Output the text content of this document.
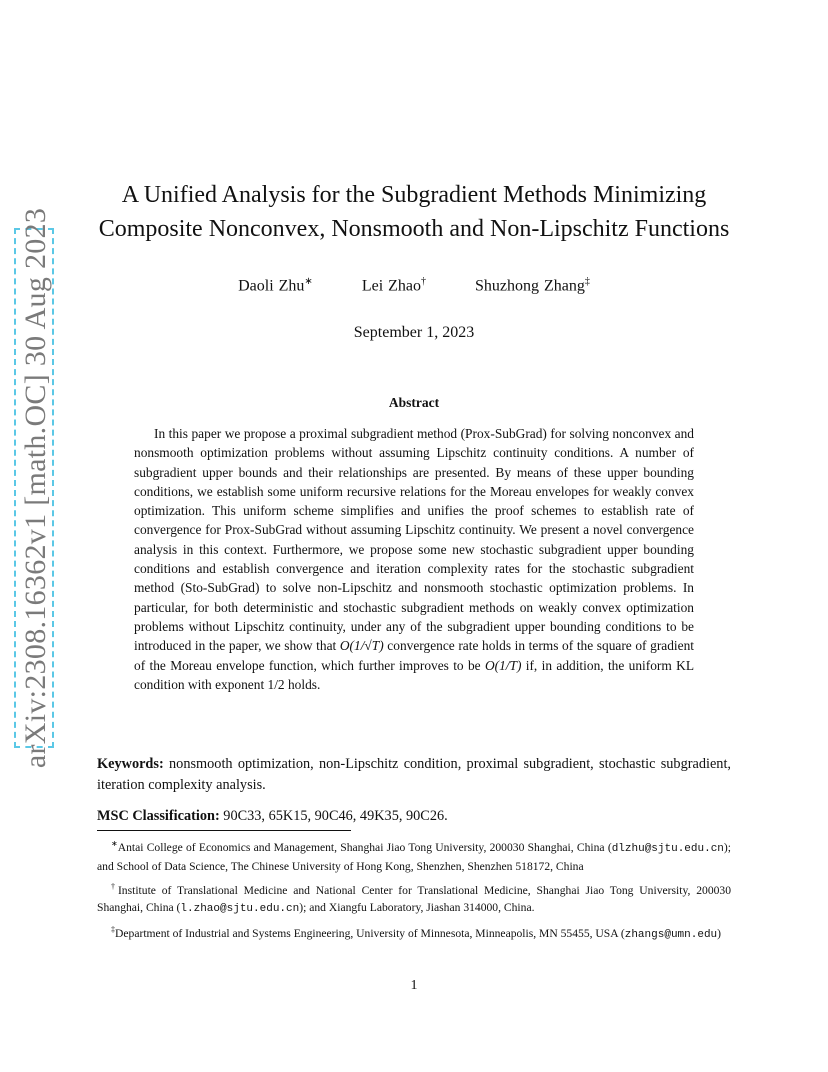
arXiv:2308.16362v1 [math.OC] 30 Aug 2023
A Unified Analysis for the Subgradient Methods Minimizing
Composite Nonconvex, Nonsmooth and Non-Lipschitz Functions
Daoli Zhu∗	Lei Zhao†	Shuzhong Zhang‡
September 1, 2023
Abstract

In this paper we propose a proximal subgradient method (Prox-SubGrad) for solving nonconvex and nonsmooth optimization problems without assuming Lipschitz continuity conditions. A number of subgradient upper bounds and their relationships are presented. By means of these upper bounding conditions, we establish some uniform recursive relations for the Moreau envelopes for weakly convex optimization. This uniform scheme simplifies and unifies the proof schemes to establish rate of convergence for Prox-SubGrad without assuming Lipschitz continuity. We present a novel convergence analysis in this context. Furthermore, we propose some new stochastic subgradient upper bounding conditions and establish convergence and iteration complexity rates for the stochastic subgradient method (Sto-SubGrad) to solve non-Lipschitz and nonsmooth stochastic optimization problems. In particular, for both deterministic and stochastic subgradient methods on weakly convex optimization problems without Lipschitz continuity, under any of the subgradient upper bounding conditions to be introduced in the paper, we show that O(1/√T) convergence rate holds in terms of the square of gradient of the Moreau envelope function, which further improves to be O(1/T) if, in addition, the uniform KL condition with exponent 1/2 holds.

Keywords: nonsmooth optimization, non-Lipschitz condition, proximal subgradient, stochastic subgradient, iteration complexity analysis.

MSC Classification: 90C33, 65K15, 90C46, 49K35, 90C26.

∗Antai College of Economics and Management, Shanghai Jiao Tong University, 200030 Shanghai, China (dlzhu@sjtu.edu.cn); and School of Data Science, The Chinese University of Hong Kong, Shenzhen, Shenzhen 518172, China

†Institute of Translational Medicine and National Center for Translational Medicine, Shanghai Jiao Tong University, 200030 Shanghai, China (l.zhao@sjtu.edu.cn); and Xiangfu Laboratory, Jiashan 314000, China.

‡Department of Industrial and Systems Engineering, University of Minnesota, Minneapolis, MN 55455, USA (zhangs@umn.edu)

1
